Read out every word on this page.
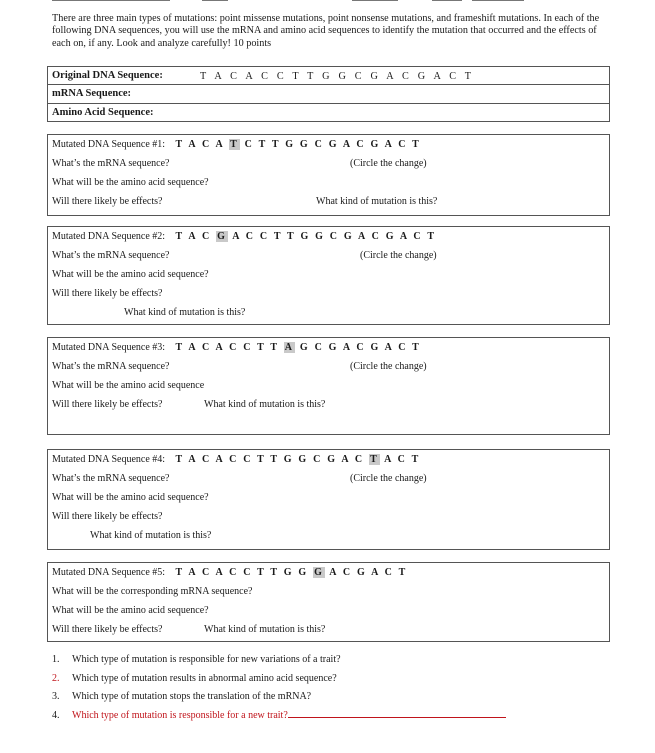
There are three main types of mutations: point missense mutations, point nonsense mutations, and frameshift mutations. In each of the following DNA sequences, you will use the mRNA and amino acid sequences to identify the mutation that occurred and the effects of each on, if any. Look and analyze carefully! 10 points
Original DNA Sequence:	T A C A C C T T G G C G A C G A C T
mRNA Sequence:
Amino Acid Sequence:
Mutated DNA Sequence #1: T A C A T C T T G G C G A C G A C T
What’s the mRNA sequence?	(Circle the change)
What will be the amino acid sequence?
Will there likely be effects?	What kind of mutation is this?
Mutated DNA Sequence #2: T A C G A C C T T G G C G A C G A C T
What’s the mRNA sequence?	(Circle the change)
What will be the amino acid sequence?
Will there likely be effects?
What kind of mutation is this?
Mutated DNA Sequence #3: T A C A C C T T A G C G A C G A C T
What’s the mRNA sequence?	(Circle the change)
What will be the amino acid sequence
Will there likely be effects?	What kind of mutation is this?
Mutated DNA Sequence #4: T A C A C C T T G G C G A C T A C T
What’s the mRNA sequence?	(Circle the change)
What will be the amino acid sequence?
Will there likely be effects?
What kind of mutation is this?
Mutated DNA Sequence #5: T A C A C C T T G G G A C G A C T
What will be the corresponding mRNA sequence?
What will be the amino acid sequence?
Will there likely be effects?	What kind of mutation is this?
1. Which type of mutation is responsible for new variations of a trait?
2. Which type of mutation results in abnormal amino acid sequence?
3. Which type of mutation stops the translation of the mRNA?
4. Which type of mutation is responsible for a new trait?
